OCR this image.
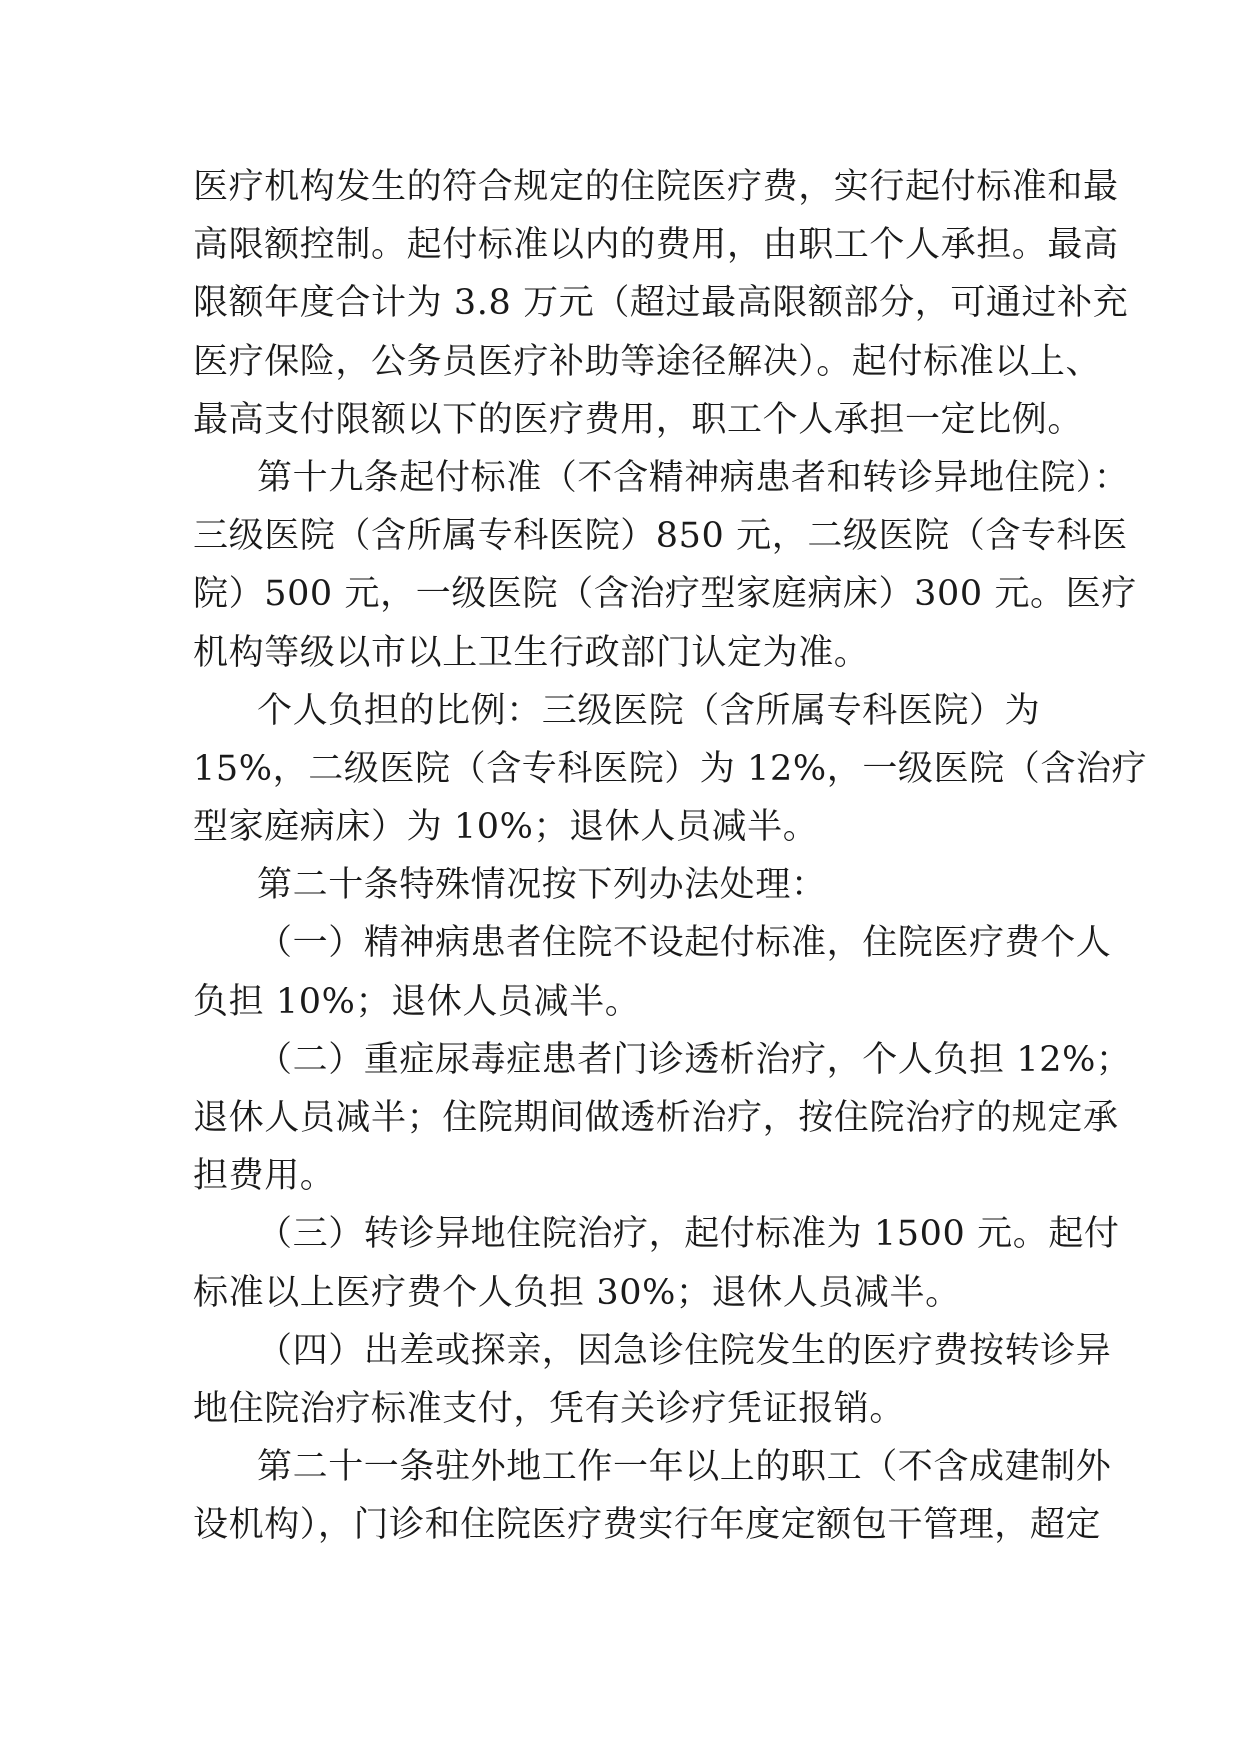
医疗机构发生的符合规定的住院医疗费，实行起付标准和最
高限额控制。起付标准以内的费用，由职工个人承担。最高
限额年度合计为 3.8 万元（超过最高限额部分，可通过补充
医疗保险，公务员医疗补助等途径解决）。起付标准以上、
最高支付限额以下的医疗费用，职工个人承担一定比例。
第十九条起付标准（不含精神病患者和转诊异地住院）：
三级医院（含所属专科医院）850 元，二级医院（含专科医
院）500 元，一级医院（含治疗型家庭病床）300 元。医疗
机构等级以市以上卫生行政部门认定为准。
个人负担的比例：三级医院（含所属专科医院）为
15%，二级医院（含专科医院）为 12%，一级医院（含治疗
型家庭病床）为 10%；退休人员减半。
第二十条特殊情况按下列办法处理：
（一）精神病患者住院不设起付标准，住院医疗费个人
负担 10%；退休人员减半。
（二）重症尿毒症患者门诊透析治疗，个人负担 12%；
退休人员减半；住院期间做透析治疗，按住院治疗的规定承
担费用。
（三）转诊异地住院治疗，起付标准为 1500 元。起付
标准以上医疗费个人负担 30%；退休人员减半。
（四）出差或探亲，因急诊住院发生的医疗费按转诊异
地住院治疗标准支付，凭有关诊疗凭证报销。
第二十一条驻外地工作一年以上的职工（不含成建制外
设机构），门诊和住院医疗费实行年度定额包干管理，超定
